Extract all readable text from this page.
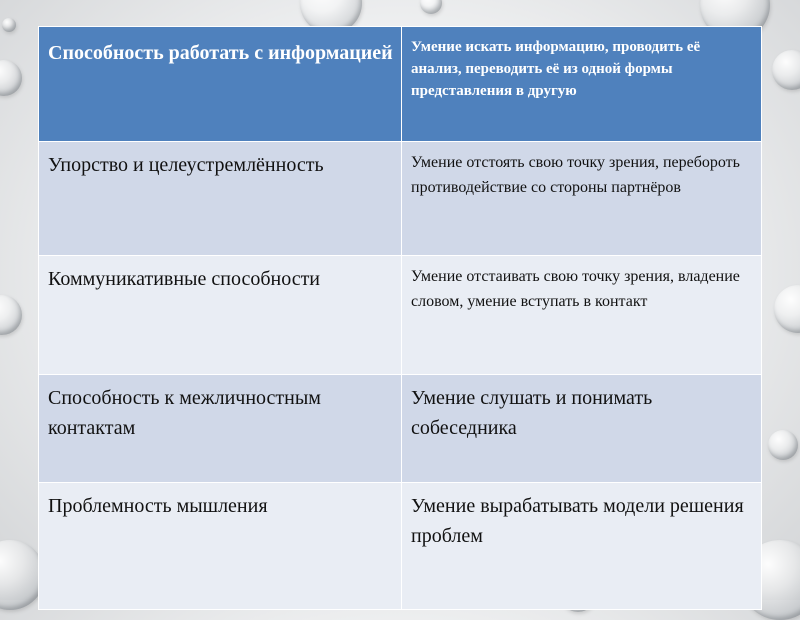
Способность работать с информацией	Умение искать информацию, проводить её анализ, переводить её из одной формы представления в другую
Упорство и целеустремлённость	Умение отстоять свою точку зрения, перебороть противодействие со стороны партнёров
Коммуникативные способности	Умение отстаивать свою точку зрения, владение словом, умение вступать в контакт
Способность к межличностным контактам	Умение слушать и понимать собеседника
Проблемность мышления	Умение вырабатывать модели решения проблем
